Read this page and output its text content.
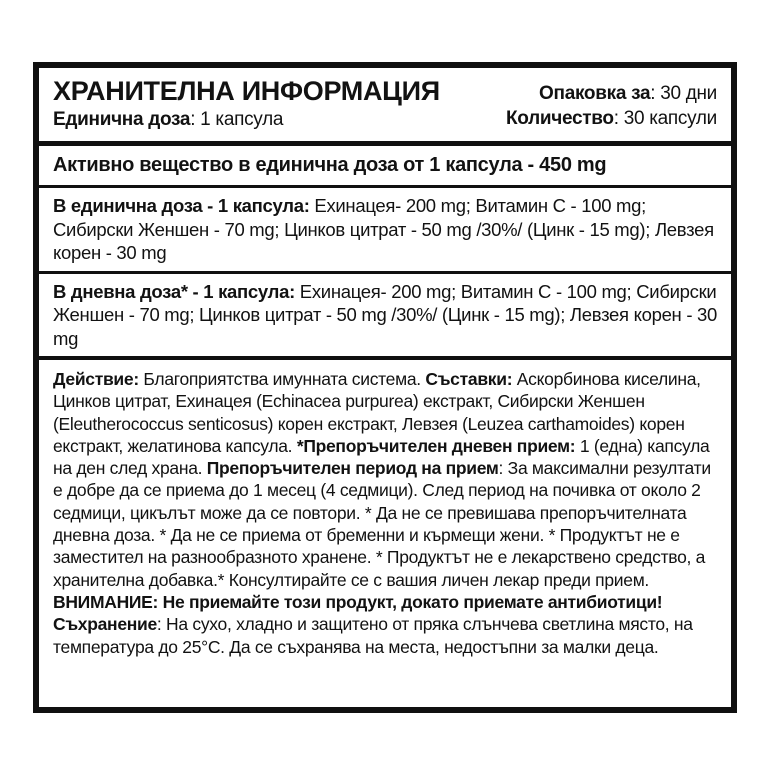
ХРАНИТЕЛНА ИНФОРМАЦИЯ
Единична доза: 1 капсула
Опаковка за: 30 дни
Количество: 30 капсули
Активно вещество в единична доза от 1 капсула - 450 mg
В единична доза - 1 капсула: Ехинацея- 200 mg; Витамин C - 100 mg; Сибирски Женшен - 70 mg; Цинков цитрат - 50 mg /30%/ (Цинк - 15 mg); Левзея корен - 30 mg
В дневна доза* - 1 капсула: Ехинацея- 200 mg; Витамин C - 100 mg; Сибирски Женшен - 70 mg; Цинков цитрат - 50 mg /30%/ (Цинк - 15 mg); Левзея корен - 30 mg
Действие: Благоприятства имунната система. Съставки: Аскорбинова киселина, Цинков цитрат, Ехинацея (Echinacea purpurea) екстракт, Сибирски Женшен (Eleutherococcus senticosus) корен екстракт, Левзея (Leuzea carthamoides) корен екстракт, желатинова капсула. *Препоръчителен дневен прием: 1 (една) капсула на ден след храна. Препоръчителен период на прием: За максимални резултати е добре да се приема до 1 месец (4 седмици). След период на почивка от около 2 седмици, цикълът може да се повтори. * Да не се превишава препоръчителната дневна доза. * Да не се приема от бременни и кърмещи жени. * Продуктът не е заместител на разнообразното хранене. * Продуктът не е лекарствено средство, а хранителна добавка.* Консултирайте се с вашия личен лекар преди прием. ВНИМАНИЕ: Не приемайте този продукт, докато приемате антибиотици! Съхранение: На сухо, хладно и защитено от пряка слънчева светлина място, на температура до 25°C. Да се съхранява на места, недостъпни за малки деца.
